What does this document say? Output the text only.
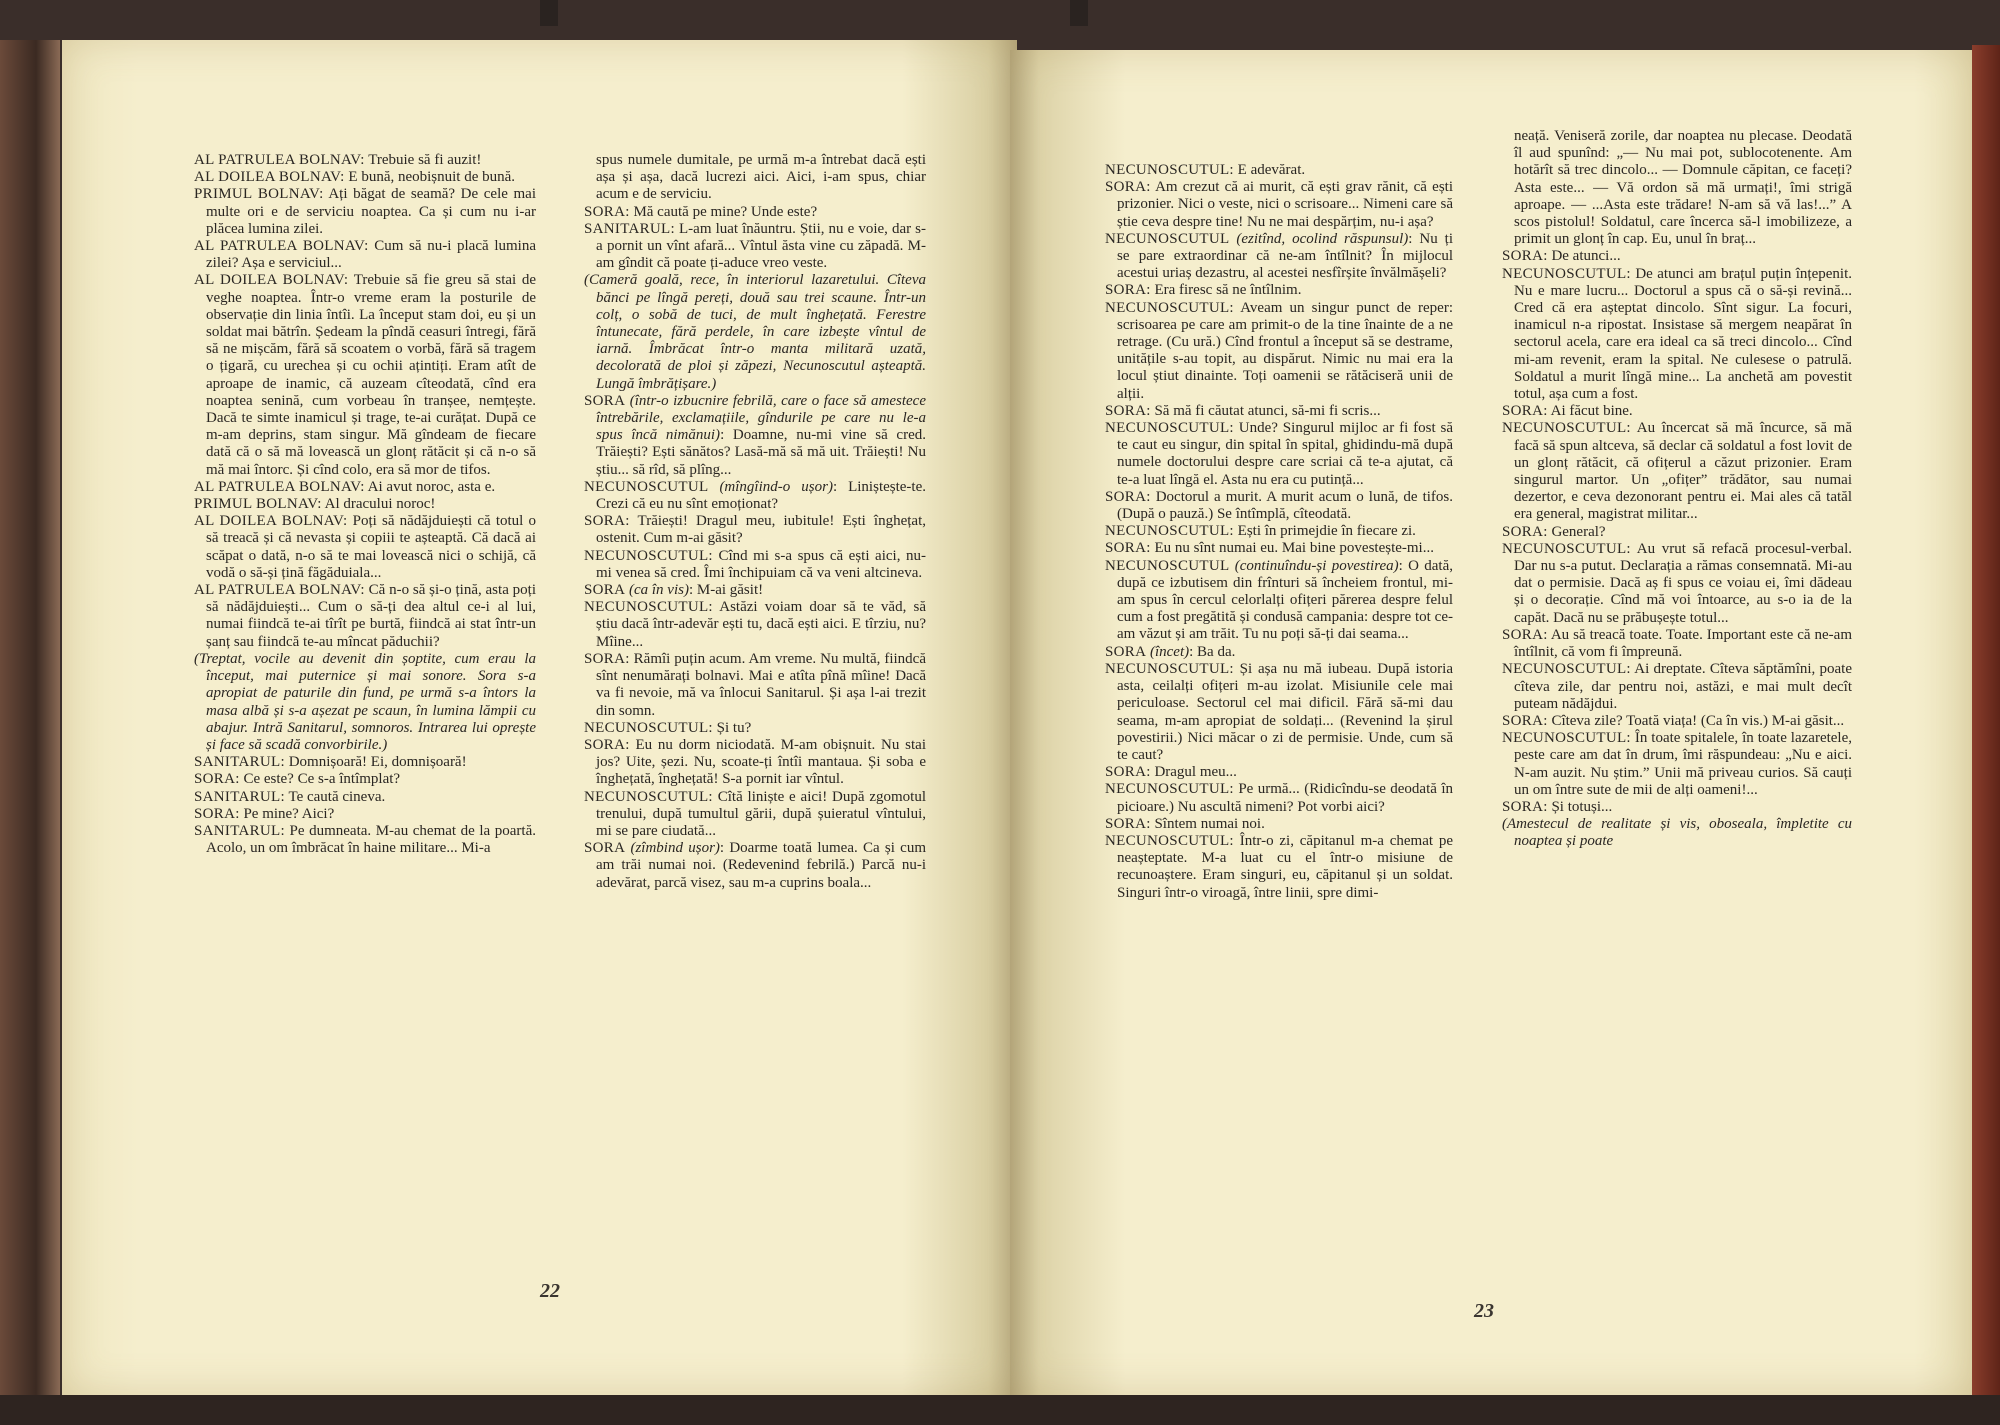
AL PATRULEA BOLNAV: Trebuie să fi auzit!

AL DOILEA BOLNAV: E bună, neobișnuit de bună.

PRIMUL BOLNAV: Ați băgat de seamă? De cele mai multe ori e de serviciu noaptea. Ca și cum nu i-ar plăcea lumina zilei.

AL PATRULEA BOLNAV: Cum să nu-i placă lumina zilei? Așa e serviciul...

AL DOILEA BOLNAV: Trebuie să fie greu să stai de veghe noaptea. Într-o vreme eram la posturile de observație din linia întîi. La început stam doi, eu și un soldat mai bătrîn. Ședeam la pîndă ceasuri întregi, fără să ne mișcăm, fără să scoatem o vorbă, fără să tragem o țigară, cu urechea și cu ochii ațintiți. Eram atît de aproape de inamic, că auzeam cîteodată, cînd era noaptea senină, cum vorbeau în tranșee, nemțește. Dacă te simte inamicul și trage, te-ai curățat. După ce m-am deprins, stam singur. Mă gîndeam de fiecare dată că o să mă lovească un glonț rătăcit și că n-o să mă mai întorc. Și cînd colo, era să mor de tifos.

AL PATRULEA BOLNAV: Ai avut noroc, asta e.

PRIMUL BOLNAV: Al dracului noroc!

AL DOILEA BOLNAV: Poți să nădăjduiești că totul o să treacă și că nevasta și copiii te așteaptă. Că dacă ai scăpat o dată, n-o să te mai lovească nici o schijă, că vodă o să-și țină făgăduiala...

AL PATRULEA BOLNAV: Că n-o să și-o țină, asta poți să nădăjduiești... Cum o să-ți dea altul ce-i al lui, numai fiindcă te-ai tîrît pe burtă, fiindcă ai stat într-un șanț sau fiindcă te-au mîncat păduchii?

(Treptat, vocile au devenit din șoptite, cum erau la început, mai puternice și mai sonore. Sora s-a apropiat de paturile din fund, pe urmă s-a întors la masa albă și s-a așezat pe scaun, în lumina lămpii cu abajur. Intră Sanitarul, somnoros. Intrarea lui oprește și face să scadă convorbirile.)

SANITARUL: Domnișoară! Ei, domnișoară!

SORA: Ce este? Ce s-a întîmplat?

SANITARUL: Te caută cineva.

SORA: Pe mine? Aici?

SANITARUL: Pe dumneata. M-au chemat de la poartă. Acolo, un om îmbrăcat în haine militare... Mi-a

spus numele dumitale, pe urmă m-a întrebat dacă ești așa și așa, dacă lucrezi aici. Aici, i-am spus, chiar acum e de serviciu.

SORA: Mă caută pe mine? Unde este?

SANITARUL: L-am luat înăuntru. Știi, nu e voie, dar s-a pornit un vînt afară... Vîntul ăsta vine cu zăpadă. M-am gîndit că poate ți-aduce vreo veste.

(Cameră goală, rece, în interiorul lazaretului. Cîteva bănci pe lîngă pereți, două sau trei scaune. Într-un colț, o sobă de tuci, de mult înghețată. Ferestre întunecate, fără perdele, în care izbește vîntul de iarnă. Îmbrăcat într-o manta militară uzată, decolorată de ploi și zăpezi, Necunoscutul așteaptă. Lungă îmbrățișare.)

SORA (într-o izbucnire febrilă, care o face să amestece întrebările, exclamațiile, gîndurile pe care nu le-a spus încă nimănui): Doamne, nu-mi vine să cred. Trăiești? Ești sănătos? Lasă-mă să mă uit. Trăiești! Nu știu... să rîd, să plîng...

NECUNOSCUTUL (mîngîind-o ușor): Liniștește-te. Crezi că eu nu sînt emoționat?

SORA: Trăiești! Dragul meu, iubitule! Ești înghețat, ostenit. Cum m-ai găsit?

NECUNOSCUTUL: Cînd mi s-a spus că ești aici, nu-mi venea să cred. Îmi închipuiam că va veni altcineva.

SORA (ca în vis): M-ai găsit!

NECUNOSCUTUL: Astăzi voiam doar să te văd, să știu dacă într-adevăr ești tu, dacă ești aici. E tîrziu, nu? Mîine...

SORA: Rămîi puțin acum. Am vreme. Nu multă, fiindcă sînt nenumărați bolnavi. Mai e atîta pînă mîine! Dacă va fi nevoie, mă va înlocui Sanitarul. Și așa l-ai trezit din somn.

NECUNOSCUTUL: Și tu?

SORA: Eu nu dorm niciodată. M-am obișnuit. Nu stai jos? Uite, șezi. Nu, scoate-ți întîi mantaua. Și soba e înghețată, înghețată! S-a pornit iar vîntul.

NECUNOSCUTUL: Cîtă liniște e aici! După zgomotul trenului, după tumultul gării, după șuieratul vîntului, mi se pare ciudată...

SORA (zîmbind ușor): Doarme toată lumea. Ca și cum am trăi numai noi. (Redevenind febrilă.) Parcă nu-i adevărat, parcă visez, sau m-a cuprins boala...

22

NECUNOSCUTUL: E adevărat.

SORA: Am crezut că ai murit, că ești grav rănit, că ești prizonier. Nici o veste, nici o scrisoare... Nimeni care să știe ceva despre tine! Nu ne mai despărțim, nu-i așa?

NECUNOSCUTUL (ezitînd, ocolind răspunsul): Nu ți se pare extraordinar că ne-am întîlnit? În mijlocul acestui uriaș dezastru, al acestei nesfîrșite învălmășeli?

SORA: Era firesc să ne întîlnim.

NECUNOSCUTUL: Aveam un singur punct de reper: scrisoarea pe care am primit-o de la tine înainte de a ne retrage. (Cu ură.) Cînd frontul a început să se destrame, unitățile s-au topit, au dispărut. Nimic nu mai era la locul știut dinainte. Toți oamenii se rătăciseră unii de alții.

SORA: Să mă fi căutat atunci, să-mi fi scris...

NECUNOSCUTUL: Unde? Singurul mijloc ar fi fost să te caut eu singur, din spital în spital, ghidindu-mă după numele doctorului despre care scriai că te-a ajutat, că te-a luat lîngă el. Asta nu era cu putință...

SORA: Doctorul a murit. A murit acum o lună, de tifos. (După o pauză.) Se întîmplă, cîteodată.

NECUNOSCUTUL: Ești în primejdie în fiecare zi.

SORA: Eu nu sînt numai eu. Mai bine povestește-mi...

NECUNOSCUTUL (continuîndu-și povestirea): O dată, după ce izbutisem din frînturi să încheiem frontul, mi-am spus în cercul celorlalți ofițeri părerea despre felul cum a fost pregătită și condusă campania: despre tot ce-am văzut și am trăit. Tu nu poți să-ți dai seama...

SORA (încet): Ba da.

NECUNOSCUTUL: Și așa nu mă iubeau. După istoria asta, ceilalți ofițeri m-au izolat. Misiunile cele mai periculoase. Sectorul cel mai dificil. Fără să-mi dau seama, m-am apropiat de soldați... (Revenind la șirul povestirii.) Nici măcar o zi de permisie. Unde, cum să te caut?

SORA: Dragul meu...

NECUNOSCUTUL: Pe urmă... (Ridicîndu-se deodată în picioare.) Nu ascultă nimeni? Pot vorbi aici?

SORA: Sîntem numai noi.

NECUNOSCUTUL: Într-o zi, căpitanul m-a chemat pe neașteptate. M-a luat cu el într-o misiune de recunoaștere. Eram singuri, eu, căpitanul și un soldat. Singuri într-o viroagă, între linii, spre dimi-

neață. Veniseră zorile, dar noaptea nu plecase. Deodată îl aud spunînd: „— Nu mai pot, sublocotenente. Am hotărît să trec dincolo... — Domnule căpitan, ce faceți? Asta este... — Vă ordon să mă urmați!, îmi strigă aproape. — ...Asta este trădare! N-am să vă las!...” A scos pistolul! Soldatul, care încerca să-l imobilizeze, a primit un glonț în cap. Eu, unul în braț...

SORA: De atunci...

NECUNOSCUTUL: De atunci am brațul puțin înțepenit. Nu e mare lucru... Doctorul a spus că o să-și revină... Cred că era așteptat dincolo. Sînt sigur. La focuri, inamicul n-a ripostat. Insistase să mergem neapărat în sectorul acela, care era ideal ca să treci dincolo... Cînd mi-am revenit, eram la spital. Ne culesese o patrulă. Soldatul a murit lîngă mine... La anchetă am povestit totul, așa cum a fost.

SORA: Ai făcut bine.

NECUNOSCUTUL: Au încercat să mă încurce, să mă facă să spun altceva, să declar că soldatul a fost lovit de un glonț rătăcit, că ofițerul a căzut prizonier. Eram singurul martor. Un „ofițer” trădător, sau numai dezertor, e ceva dezonorant pentru ei. Mai ales că tatăl era general, magistrat militar...

SORA: General?

NECUNOSCUTUL: Au vrut să refacă procesul-verbal. Dar nu s-a putut. Declarația a rămas consemnată. Mi-au dat o permisie. Dacă aș fi spus ce voiau ei, îmi dădeau și o decorație. Cînd mă voi întoarce, au s-o ia de la capăt. Dacă nu se prăbușește totul...

SORA: Au să treacă toate. Toate. Important este că ne-am întîlnit, că vom fi împreună.

NECUNOSCUTUL: Ai dreptate. Cîteva săptămîni, poate cîteva zile, dar pentru noi, astăzi, e mai mult decît puteam nădăjdui.

SORA: Cîteva zile? Toată viața! (Ca în vis.) M-ai găsit...

NECUNOSCUTUL: În toate spitalele, în toate lazaretele, peste care am dat în drum, îmi răspundeau: „Nu e aici. N-am auzit. Nu știm.” Unii mă priveau curios. Să cauți un om între sute de mii de alți oameni!...

SORA: Și totuși...

(Amestecul de realitate și vis, oboseala, împletite cu noaptea și poate

23
